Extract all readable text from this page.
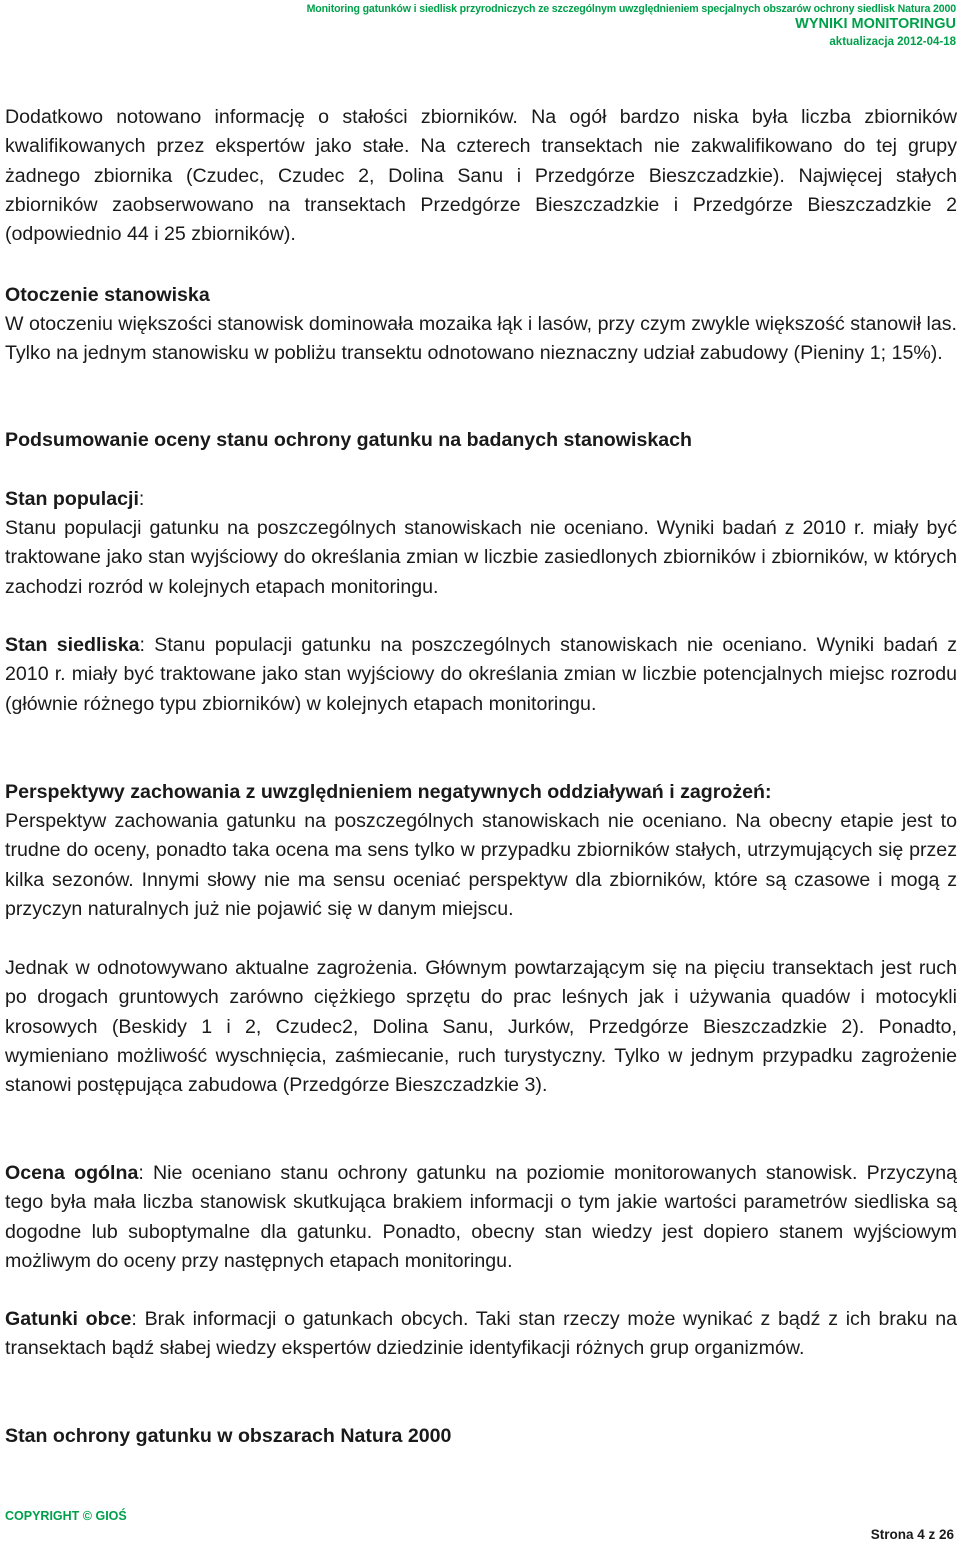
Monitoring gatunków i siedlisk przyrodniczych ze szczególnym uwzględnieniem specjalnych obszarów ochrony siedlisk Natura 2000
WYNIKI MONITORINGU
aktualizacja 2012-04-18

Dodatkowo notowano informację o stałości zbiorników. Na ogół bardzo niska była liczba zbiorników kwalifikowanych przez ekspertów jako stałe. Na czterech transektach nie zakwalifikowano do tej grupy żadnego zbiornika (Czudec, Czudec 2, Dolina Sanu i Przedgórze Bieszczadzkie). Najwięcej stałych zbiorników zaobserwowano na transektach Przedgórze Bieszczadzkie i Przedgórze Bieszczadzkie 2 (odpowiednio 44 i 25 zbiorników).

Otoczenie stanowiska

W otoczeniu większości stanowisk dominowała mozaika łąk i lasów, przy czym zwykle większość stanowił las. Tylko na jednym stanowisku w pobliżu transektu odnotowano nieznaczny udział zabudowy (Pieniny 1; 15%).

Podsumowanie oceny stanu ochrony gatunku na badanych stanowiskach
Stan populacji:

Stanu populacji gatunku na poszczególnych stanowiskach nie oceniano. Wyniki badań z 2010 r. miały być traktowane jako stan wyjściowy do określania zmian w liczbie zasiedlonych zbiorników i zbiorników, w których zachodzi rozród w kolejnych etapach monitoringu.

Stan siedliska: Stanu populacji gatunku na poszczególnych stanowiskach nie oceniano. Wyniki badań z 2010 r. miały być traktowane jako stan wyjściowy do określania zmian w liczbie potencjalnych miejsc rozrodu (głównie różnego typu zbiorników) w kolejnych etapach monitoringu.

Perspektywy zachowania z uwzględnieniem negatywnych oddziaływań i zagrożeń:

Perspektyw zachowania gatunku na poszczególnych stanowiskach nie oceniano. Na obecny etapie jest to trudne do oceny, ponadto taka ocena ma sens tylko w przypadku zbiorników stałych, utrzymujących się przez kilka sezonów. Innymi słowy nie ma sensu oceniać perspektyw dla zbiorników, które są czasowe i mogą z przyczyn naturalnych już nie pojawić się w danym miejscu.

Jednak w odnotowywano aktualne zagrożenia. Głównym powtarzającym się na pięciu transektach jest ruch po drogach gruntowych zarówno ciężkiego sprzętu do prac leśnych jak i używania quadów i motocykli krosowych (Beskidy 1 i 2, Czudec2, Dolina Sanu, Jurków, Przedgórze Bieszczadzkie 2). Ponadto, wymieniano możliwość wyschnięcia, zaśmiecanie, ruch turystyczny. Tylko w jednym przypadku zagrożenie stanowi postępująca zabudowa (Przedgórze Bieszczadzkie 3).

Ocena ogólna: Nie oceniano stanu ochrony gatunku na poziomie monitorowanych stanowisk. Przyczyną tego była mała liczba stanowisk skutkująca brakiem informacji o tym jakie wartości parametrów siedliska są dogodne lub suboptymalne dla gatunku. Ponadto, obecny stan wiedzy jest dopiero stanem wyjściowym możliwym do oceny przy następnych etapach monitoringu.

Gatunki obce: Brak informacji o gatunkach obcych. Taki stan rzeczy może wynikać z bądź z ich braku na transektach bądź słabej wiedzy ekspertów dziedzinie identyfikacji różnych grup organizmów.

Stan ochrony gatunku w obszarach Natura 2000
COPYRIGHT © GIOŚ
Strona 4 z 26
